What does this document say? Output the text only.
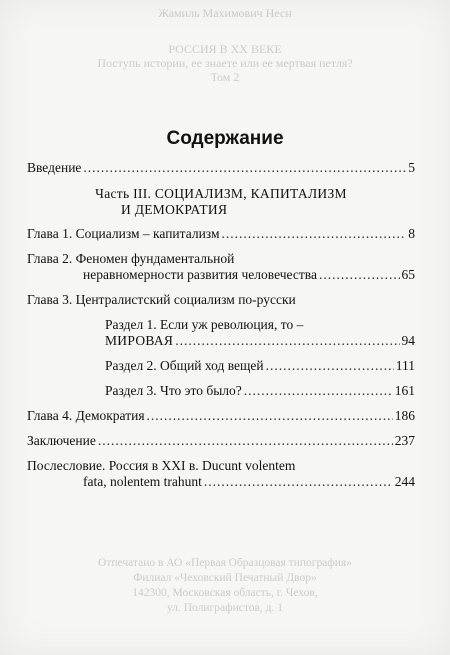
Жамиль Махимович Несн
РОССИЯ В XX ВЕКЕ
Поступь истории, ее знаете или ее мертвая петля?
Том 2
Содержание
Введение .....	5
Часть III. СОЦИАЛИЗМ, КАПИТАЛИЗМ
И ДЕМОКРАТИЯ
Глава 1. Социализм – капитализм .....	8
Глава 2. Феномен фундаментальной
неравномерности развития человечества .....	65
Глава 3. Централистский социализм по-русски
Раздел 1. Если уж революция, то –
МИРОВАЯ .....	94
Раздел 2. Общий ход вещей .....	111
Раздел 3. Что это было? .....	161
Глава 4. Демократия .....	186
Заключение .....	237
Послесловие. Россия в XXI в. Ducunt volentem
fata, nolentem trahunt .....	244
Отпечатано в АО «Первая Образцовая типография»
Филиал «Чеховский Печатный Двор»
142300, Московская область, г. Чехов,
ул. Полиграфистов, д. 1
